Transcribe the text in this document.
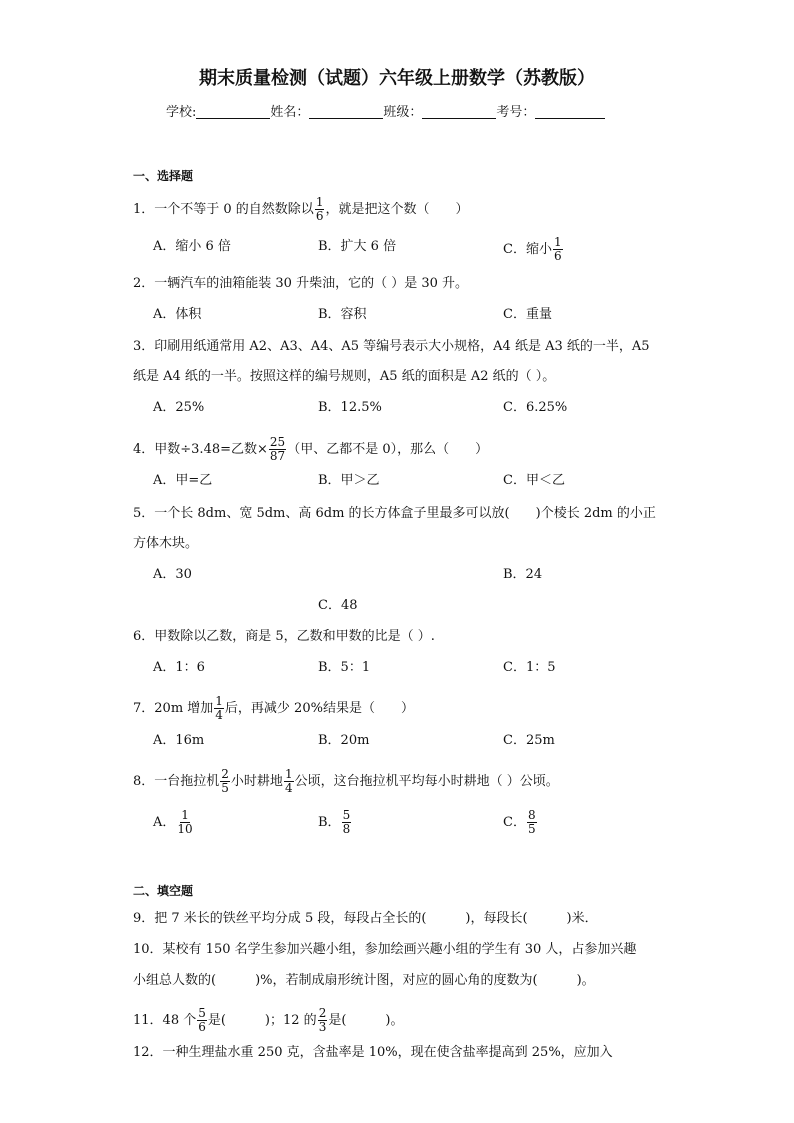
期末质量检测（试题）六年级上册数学（苏教版）
学校:	姓名：	班级：	考号：
一、选择题
1．一个不等于 0 的自然数除以 $\frac{1}{6}$ ，就是把这个数（　　）
A．缩小 6 倍	B．扩大 6 倍	C．缩小 $\frac{1}{6}$
2．一辆汽车的油箱能装 30 升柴油，它的（ ）是 30 升。
A．体积	B．容积	C．重量
3．印刷用纸通常用 A2、A3、A4、A5 等编号表示大小规格，A4 纸是 A3 纸的一半，A5
纸是 A4 纸的一半。按照这样的编号规则，A5 纸的面积是 A2 纸的（ ）。
A．25%	B．12.5%	C．6.25%
4．甲数÷3.48=乙数× $\frac{25}{87}$ （甲、乙都不是 0），那么（　　）
A．甲=乙	B．甲＞乙	C．甲＜乙
5．一个长 8dm、宽 5dm、高 6dm 的长方体盒子里最多可以放(　　)个棱长 2dm 的小正
方体木块。
A．30	B．24
C．48
6．甲数除以乙数，商是 5，乙数和甲数的比是（ ）.
A．1：6	B．5：1	C．1：5
7．20m 增加 $\frac{1}{4}$ 后，再减少 20%结果是（　　）
A．16m	B．20m	C．25m
8．一台拖拉机 $\frac{2}{5}$ 小时耕地 $\frac{1}{4}$ 公顷，这台拖拉机平均每小时耕地（ ）公顷。
A． $\frac{1}{10}$	B． $\frac{5}{8}$	C． $\frac{8}{5}$
二、填空题
9．把 7 米长的铁丝平均分成 5 段，每段占全长的(　　　)，每段长(　　　)米．
10．某校有 150 名学生参加兴趣小组，参加绘画兴趣小组的学生有 30 人，占参加兴趣
小组总人数的(　　　)%，若制成扇形统计图，对应的圆心角的度数为(　　　)。
11．48 个 $\frac{5}{6}$ 是(　　　)；12 的 $\frac{2}{3}$ 是(　　　)。
12．一种生理盐水重 250 克，含盐率是 10%，现在使含盐率提高到 25%，应加入
